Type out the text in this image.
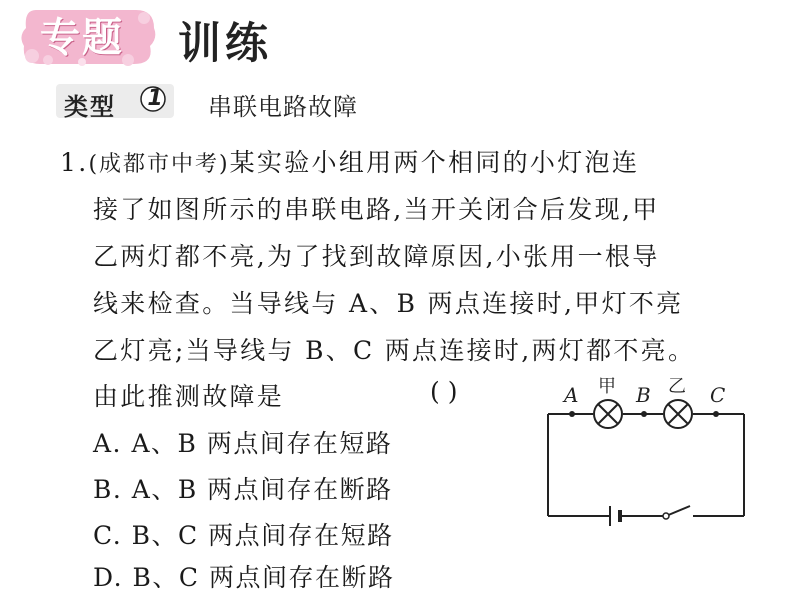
专题 训练
类型	1	串联电路故障
1.(成都市中考)某实验小组用两个相同的小灯泡连
接了如图所示的串联电路,当开关闭合后发现,甲
乙两灯都不亮,为了找到故障原因,小张用一根导
线来检查。当导线与 A、B 两点连接时,甲灯不亮
乙灯亮;当导线与 B、C 两点连接时,两灯都不亮。
由此推测故障是	( )
A. A、B 两点间存在短路
B. A、B 两点间存在断路
C. B、C 两点间存在短路
D. B、C 两点间存在断路
A	B	C
甲	乙
